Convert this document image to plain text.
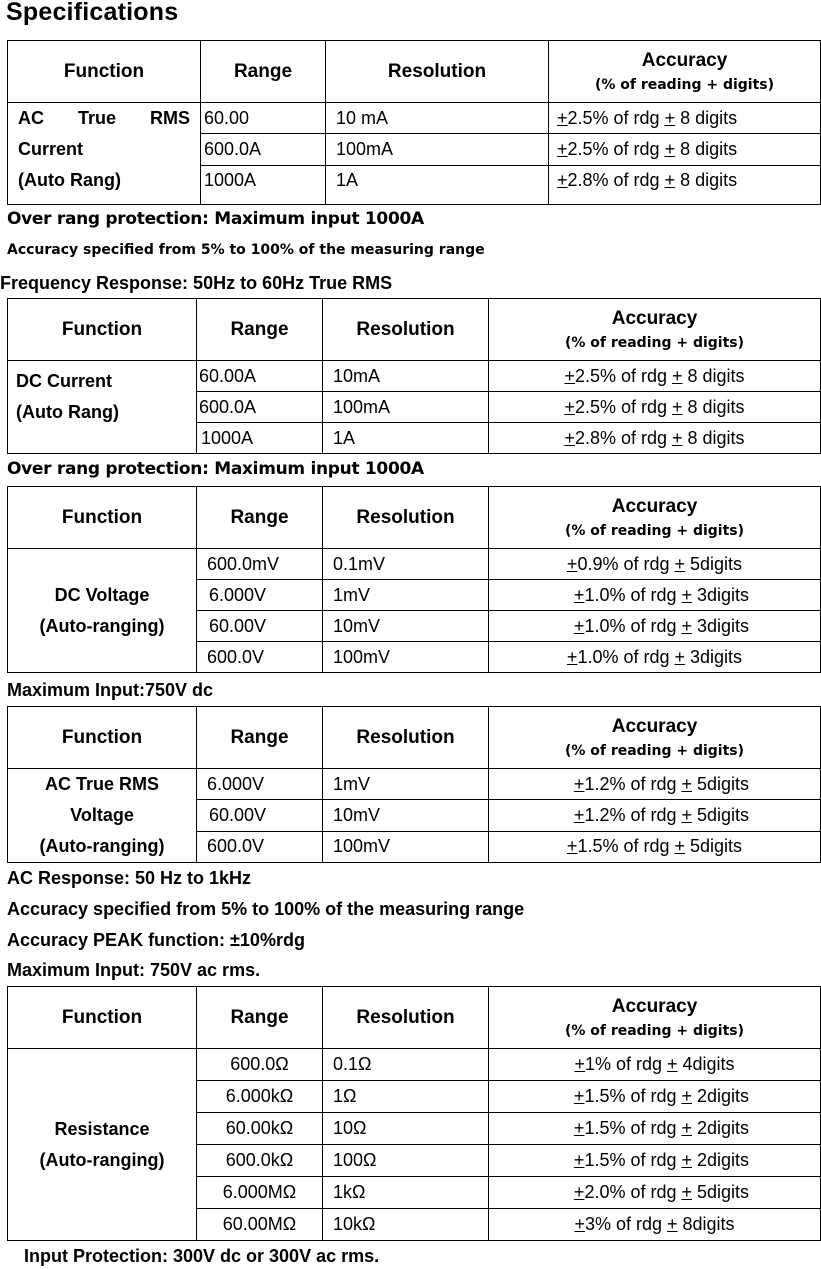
Specifications
Function	Range	Resolution	Accuracy
(% of reading + digits)

AC True RMS
Current
(Auto Rang)	60.00	10 mA	+2.5% of rdg + 8 digits
	600.0A	100mA	+2.5% of rdg + 8 digits
	1000A	1A	+2.8% of rdg + 8 digits
Over rang protection: Maximum input 1000A
Accuracy specified from 5% to 100% of the measuring range
Frequency Response: 50Hz to 60Hz True RMS
Function	Range	Resolution	Accuracy
(% of reading + digits)

DC Current
(Auto Rang)	60.00A	10mA	+2.5% of rdg + 8 digits
	600.0A	100mA	+2.5% of rdg + 8 digits
	1000A	1A	+2.8% of rdg + 8 digits
Over rang protection: Maximum input 1000A
Function	Range	Resolution	Accuracy
(% of reading + digits)

DC Voltage
(Auto-ranging)	600.0mV	0.1mV	+0.9% of rdg + 5digits
	6.000V	1mV	+1.0% of rdg + 3digits
	60.00V	10mV	+1.0% of rdg + 3digits
	600.0V	100mV	+1.0% of rdg + 3digits
Maximum Input:750V dc
Function	Range	Resolution	Accuracy
(% of reading + digits)

AC True RMS
Voltage
(Auto-ranging)	6.000V	1mV	+1.2% of rdg + 5digits
	60.00V	10mV	+1.2% of rdg + 5digits
	600.0V	100mV	+1.5% of rdg + 5digits
AC Response: 50 Hz to 1kHz
Accuracy specified from 5% to 100% of the measuring range
Accuracy PEAK function: ±10%rdg
Maximum Input: 750V ac rms.
Function	Range	Resolution	Accuracy
(% of reading + digits)

Resistance
(Auto-ranging)	600.0Ω	0.1Ω	+1% of rdg + 4digits
	6.000kΩ	1Ω	+1.5% of rdg + 2digits
	60.00kΩ	10Ω	+1.5% of rdg + 2digits
	600.0kΩ	100Ω	+1.5% of rdg + 2digits
	6.000MΩ	1kΩ	+2.0% of rdg + 5digits
	60.00MΩ	10kΩ	+3% of rdg + 8digits
Input Protection: 300V dc or 300V ac rms.
